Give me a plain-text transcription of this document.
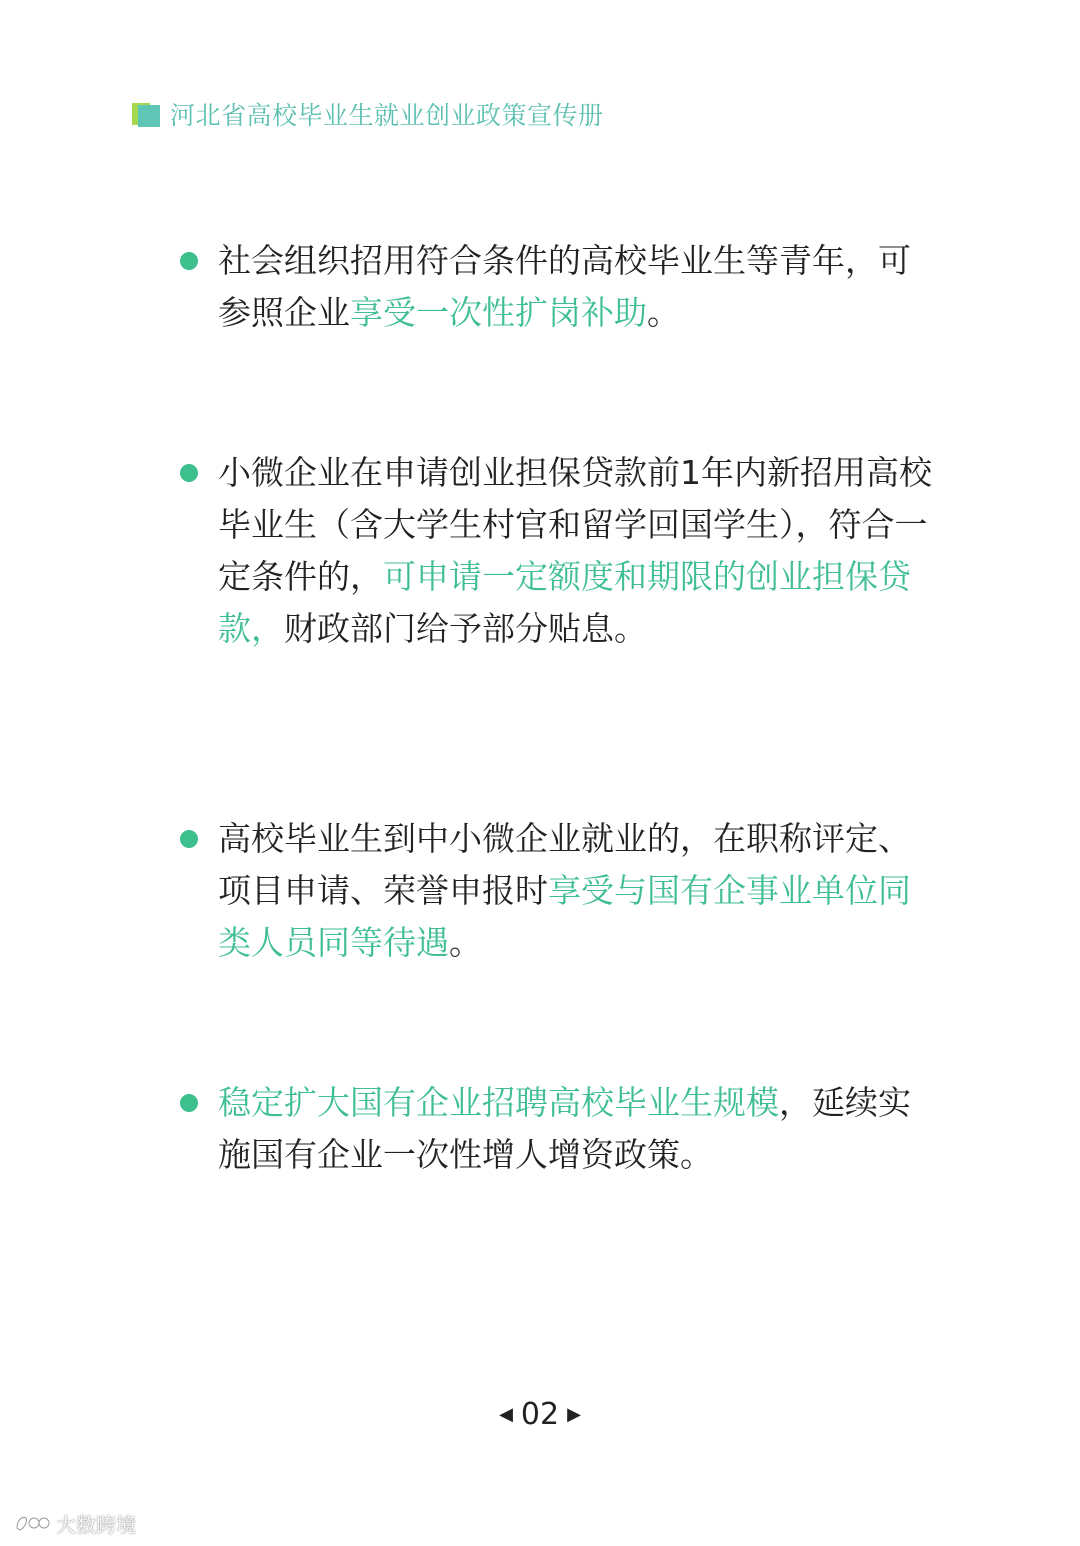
河北省高校毕业生就业创业政策宣传册
社会组织招用符合条件的高校毕业生等青年，可参照企业享受一次性扩岗补助。
小微企业在申请创业担保贷款前1年内新招用高校毕业生（含大学生村官和留学回国学生），符合一定条件的，可申请一定额度和期限的创业担保贷款，财政部门给予部分贴息。
高校毕业生到中小微企业就业的，在职称评定、项目申请、荣誉申报时享受与国有企事业单位同类人员同等待遇。
稳定扩大国有企业招聘高校毕业生规模，延续实施国有企业一次性增人增资政策。
◀ 02 ▶
大数跨境
